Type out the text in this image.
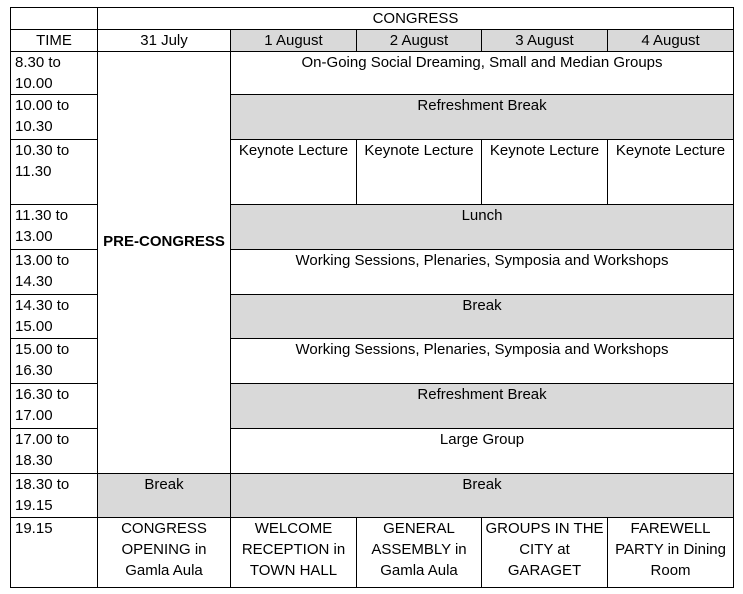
	CONGRESS				
TIME	31 July	1 August	2 August	3 August	4 August
8.30 to 10.00	PRE-CONGRESS	On-Going Social Dreaming, Small and Median Groups			
10.00 to 10.30		Refreshment Break			
10.30 to 11.30		Keynote Lecture	Keynote Lecture	Keynote Lecture	Keynote Lecture
11.30 to 13.00		Lunch			
13.00 to 14.30		Working Sessions, Plenaries, Symposia and Workshops			
14.30 to 15.00		Break			
15.00 to 16.30		Working Sessions, Plenaries, Symposia and Workshops			
16.30 to 17.00		Refreshment Break			
17.00 to 18.30		Large Group			
18.30 to 19.15	Break	Break			
19.15	CONGRESS OPENING in Gamla Aula	WELCOME RECEPTION in TOWN HALL	GENERAL ASSEMBLY in Gamla Aula	GROUPS IN THE CITY at GARAGET	FAREWELL PARTY in Dining Room
